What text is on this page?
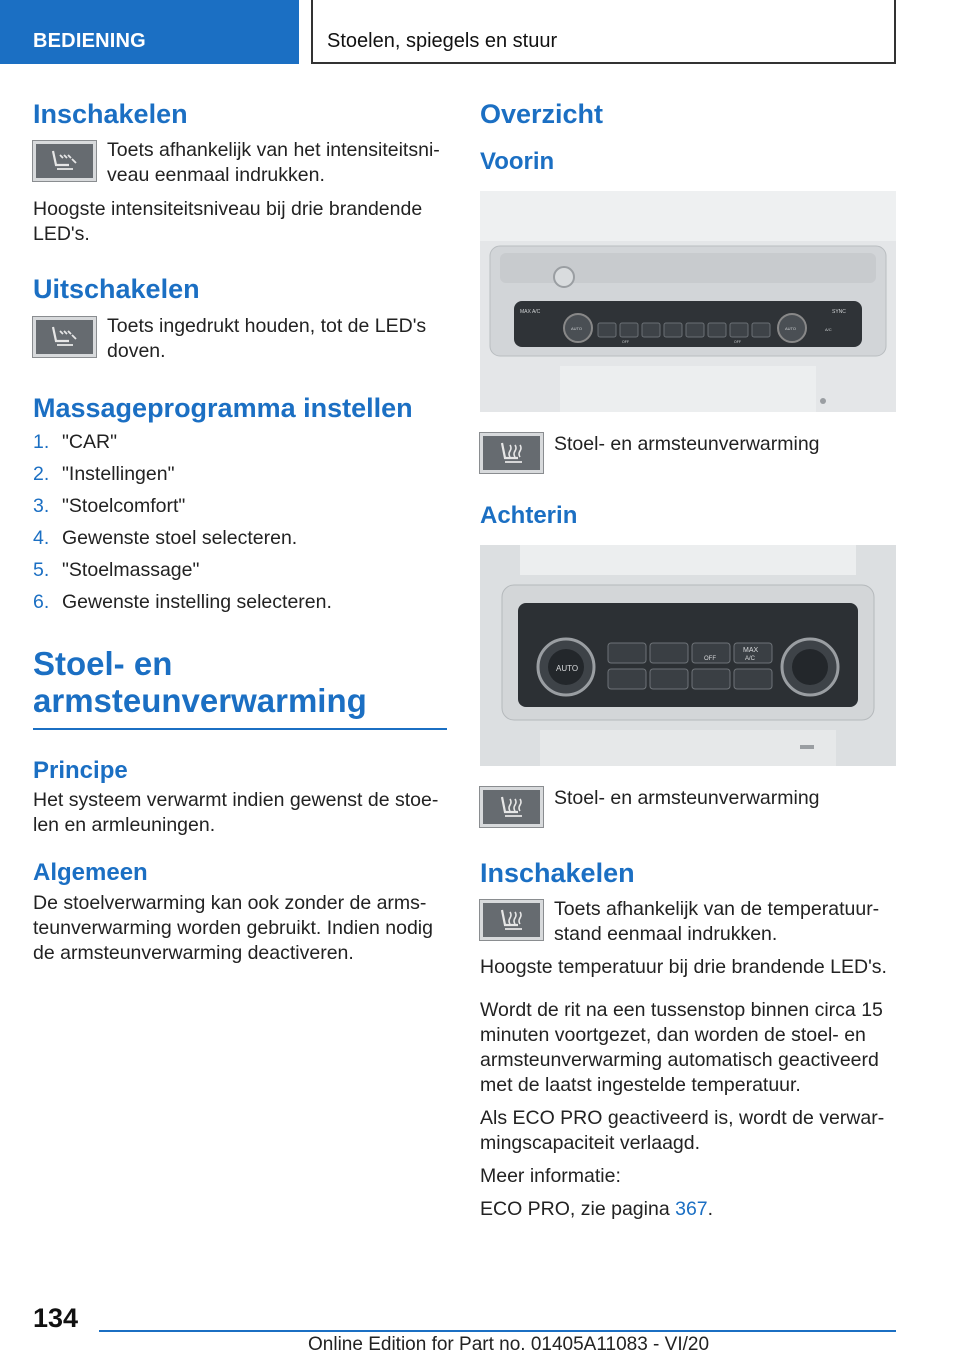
BEDIENING	Stoelen, spiegels en stuur
Inschakelen

Toets afhankelijk van het intensiteitsni-veau eenmaal indrukken.

Hoogste intensiteitsniveau bij drie brandende LED's.

Uitschakelen

Toets ingedrukt houden, tot de LED's doven.

Massageprogramma instellen
1. "CAR"
2. "Instellingen"
3. "Stoelcomfort"
4. Gewenste stoel selecteren.
5. "Stoelmassage"
6. Gewenste instelling selecteren.
Stoel- en armsteunverwarming
Principe

Het systeem verwarmt indien gewenst de stoe-len en armleuningen.

Algemeen

De stoelverwarming kan ook zonder de arms-teunverwarming worden gebruikt. Indien nodig de armsteunverwarming deactiveren.

Overzicht
Voorin
MAX A/C
AUTO	AUTO
SYNC
A/C
OFF	OFF

Stoel- en armsteunverwarming

Achterin
AUTO
MAX
A/C
OFF

Stoel- en armsteunverwarming

Inschakelen

Toets afhankelijk van de temperatuur-stand eenmaal indrukken.

Hoogste temperatuur bij drie brandende LED's.

Wordt de rit na een tussenstop binnen circa 15 minuten voortgezet, dan worden de stoel- en armsteunverwarming automatisch geactiveerd met de laatst ingestelde temperatuur.

Als ECO PRO geactiveerd is, wordt de verwar-mingscapaciteit verlaagd.

Meer informatie:

ECO PRO, zie pagina 367.

134
Online Edition for Part no. 01405A11083 - VI/20
